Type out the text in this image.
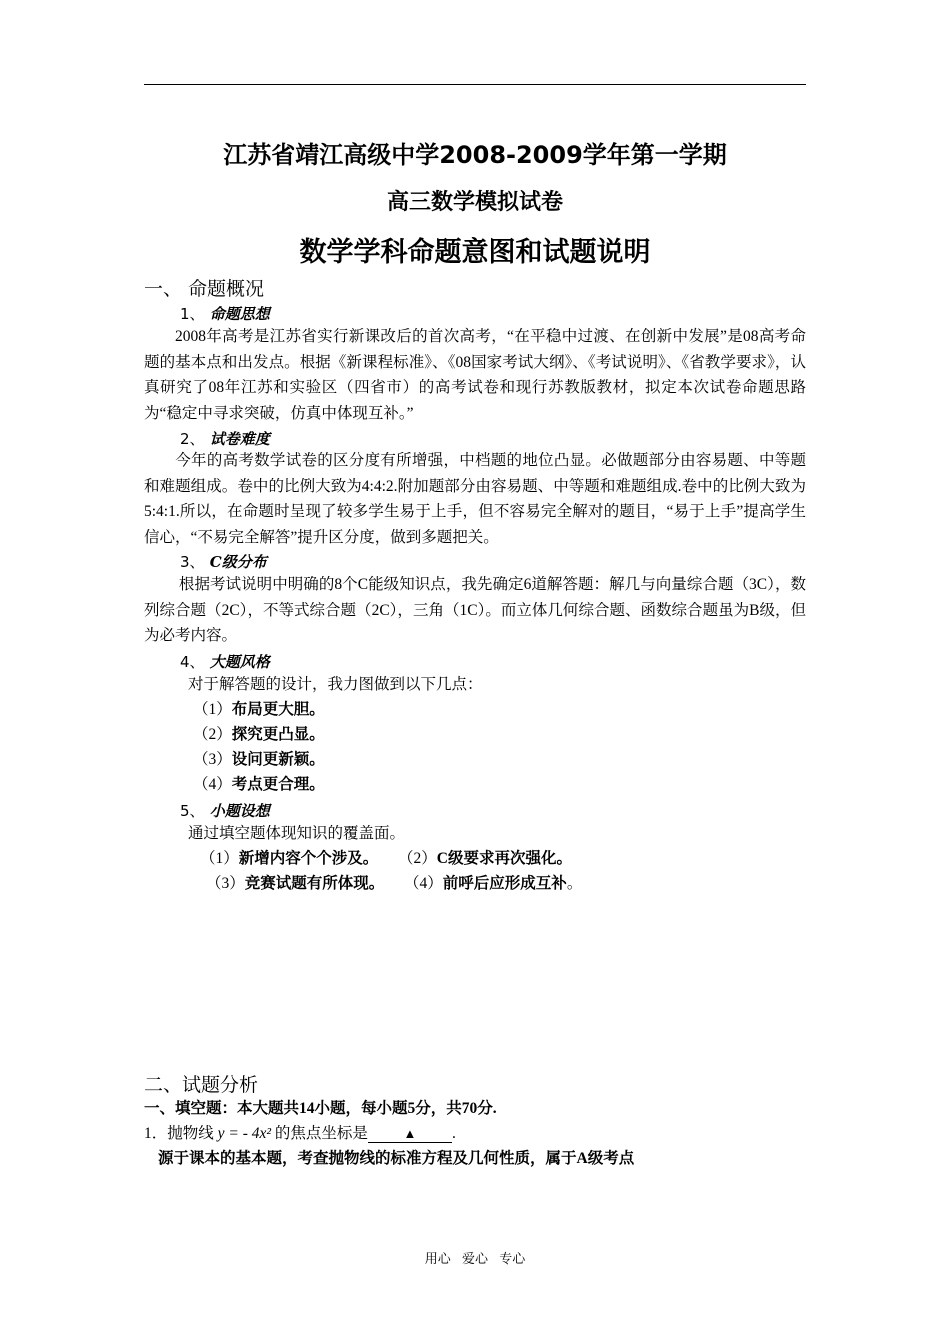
江苏省靖江高级中学2008-2009学年第一学期
高三数学模拟试卷
数学学科命题意图和试题说明
一、 命题概况
1、 命题思想
2008年高考是江苏省实行新课改后的首次高考，“在平稳中过渡、在创新中发展”是08高考命题的基本点和出发点。根据《新课程标准》、《08国家考试大纲》、《考试说明》、《省教学要求》，认真研究了08年江苏和实验区（四省市）的高考试卷和现行苏教版教材，拟定本次试卷命题思路为“稳定中寻求突破，仿真中体现互补。”
2、 试卷难度
今年的高考数学试卷的区分度有所增强，中档题的地位凸显。必做题部分由容易题、中等题和难题组成。卷中的比例大致为4:4:2.附加题部分由容易题、中等题和难题组成.卷中的比例大致为5:4:1.所以，在命题时呈现了较多学生易于上手，但不容易完全解对的题目，“易于上手”提高学生信心，“不易完全解答”提升区分度，做到多题把关。
3、 C级分布
根据考试说明中明确的8个C能级知识点，我先确定6道解答题：解几与向量综合题（3C），数列综合题（2C），不等式综合题（2C），三角（1C）。而立体几何综合题、函数综合题虽为B级，但为必考内容。
4、 大题风格
对于解答题的设计，我力图做到以下几点：
（1）布局更大胆。
（2）探究更凸显。
（3）设问更新颖。
（4）考点更合理。
5、 小题设想
通过填空题体现知识的覆盖面。
（1）新增内容个个涉及。 （2）C级要求再次强化。
（3）竞赛试题有所体现。 （4）前呼后应形成互补。
二、试题分析
一、填空题：本大题共14小题，每小题5分，共70分.
1．抛物线 y = - 4x² 的焦点坐标是	▲ .
源于课本的基本题，考查抛物线的标准方程及几何性质，属于A级考点
用心 爱心 专心
